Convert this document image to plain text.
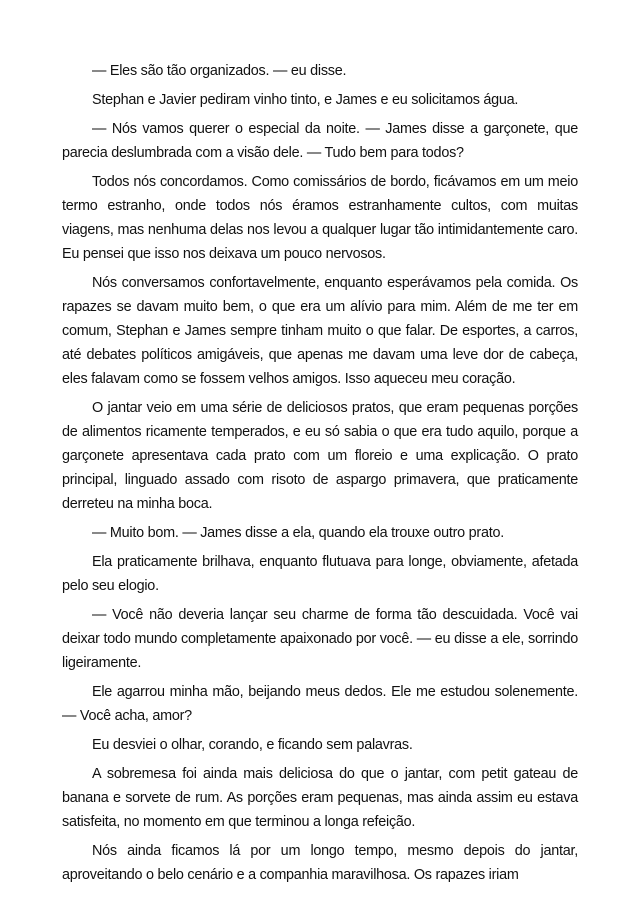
— Eles são tão organizados. — eu disse.

Stephan e Javier pediram vinho tinto, e James e eu solicitamos água.

— Nós vamos querer o especial da noite. — James disse a garçonete, que parecia deslumbrada com a visão dele. — Tudo bem para todos?

Todos nós concordamos. Como comissários de bordo, ficávamos em um meio termo estranho, onde todos nós éramos estranhamente cultos, com muitas viagens, mas nenhuma delas nos levou a qualquer lugar tão intimidantemente caro. Eu pensei que isso nos deixava um pouco nervosos.

Nós conversamos confortavelmente, enquanto esperávamos pela comida. Os rapazes se davam muito bem, o que era um alívio para mim. Além de me ter em comum, Stephan e James sempre tinham muito o que falar. De esportes, a carros, até debates políticos amigáveis, que apenas me davam uma leve dor de cabeça, eles falavam como se fossem velhos amigos. Isso aqueceu meu coração.

O jantar veio em uma série de deliciosos pratos, que eram pequenas porções de alimentos ricamente temperados, e eu só sabia o que era tudo aquilo, porque a garçonete apresentava cada prato com um floreio e uma explicação. O prato principal, linguado assado com risoto de aspargo primavera, que praticamente derreteu na minha boca.

— Muito bom. — James disse a ela, quando ela trouxe outro prato.

Ela praticamente brilhava, enquanto flutuava para longe, obviamente, afetada pelo seu elogio.

— Você não deveria lançar seu charme de forma tão descuidada. Você vai deixar todo mundo completamente apaixonado por você. — eu disse a ele, sorrindo ligeiramente.

Ele agarrou minha mão, beijando meus dedos. Ele me estudou solenemente. — Você acha, amor?

Eu desviei o olhar, corando, e ficando sem palavras.

A sobremesa foi ainda mais deliciosa do que o jantar, com petit gateau de banana e sorvete de rum. As porções eram pequenas, mas ainda assim eu estava satisfeita, no momento em que terminou a longa refeição.

Nós ainda ficamos lá por um longo tempo, mesmo depois do jantar, aproveitando o belo cenário e a companhia maravilhosa. Os rapazes iriam
